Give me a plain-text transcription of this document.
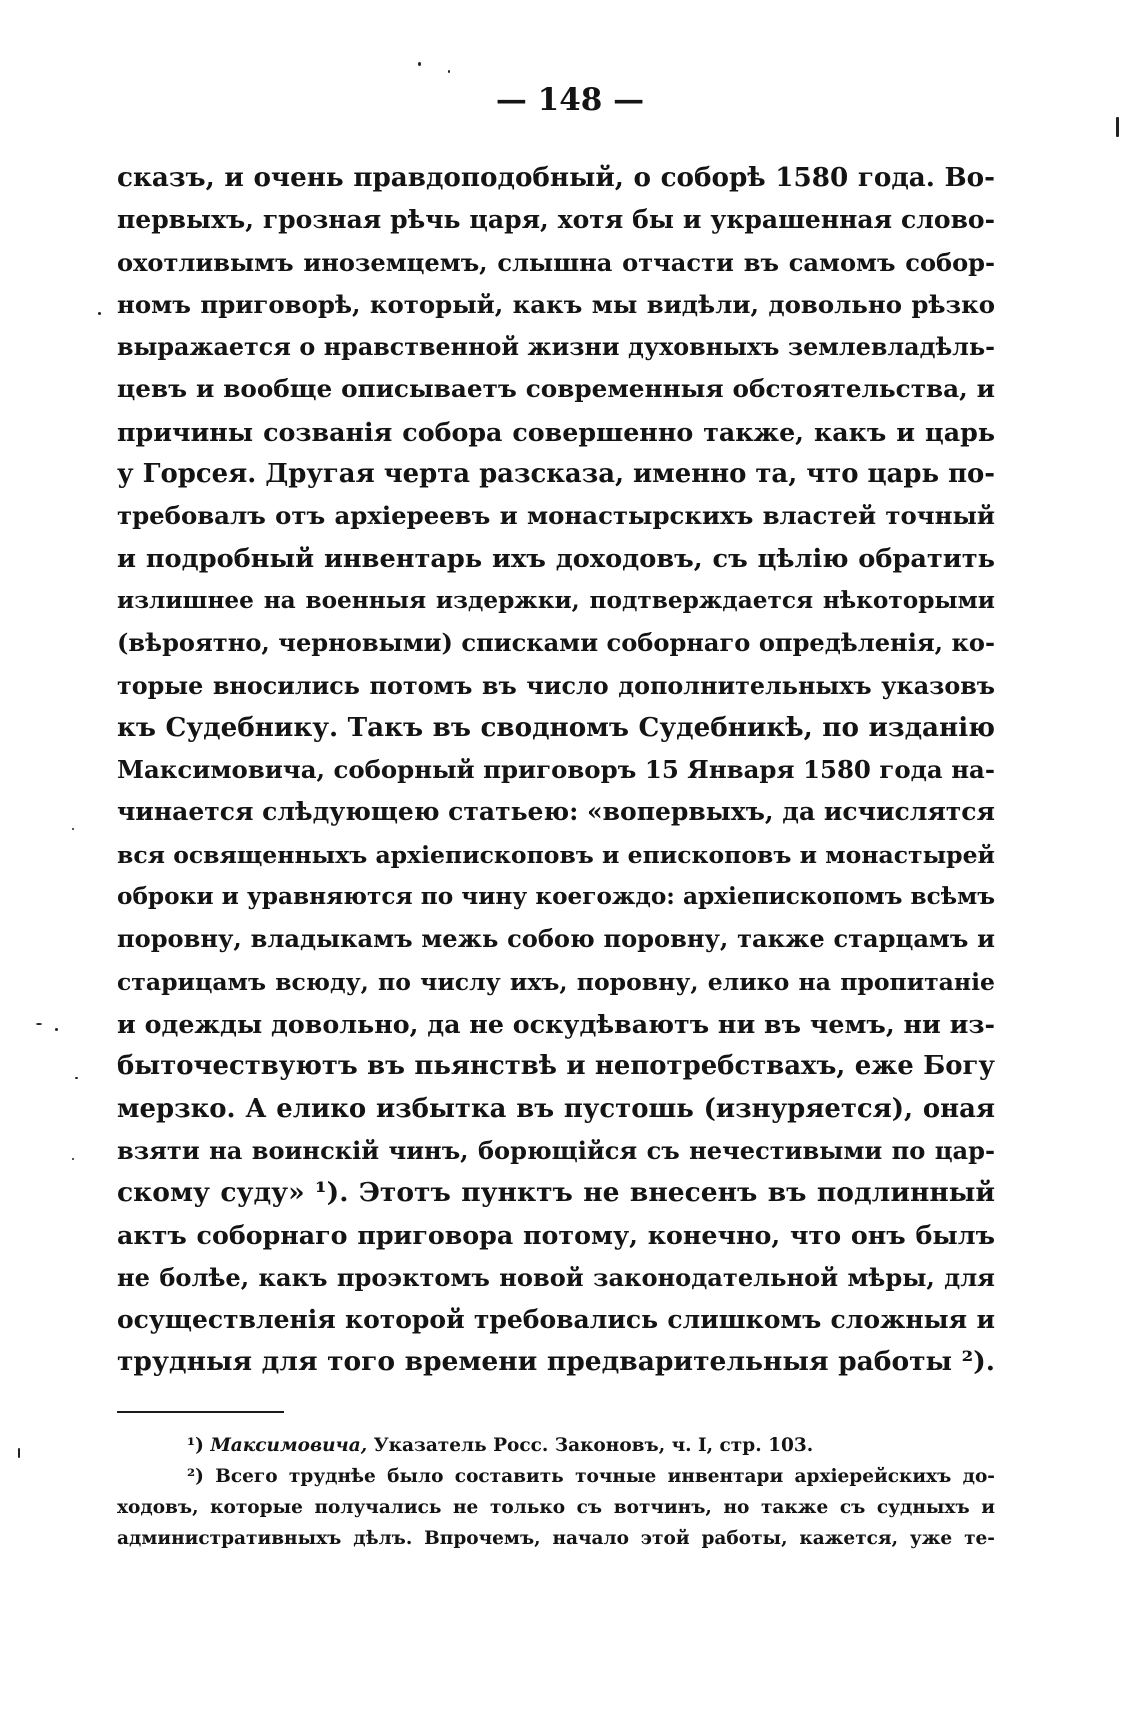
— 148 —
сказъ, и очень правдоподобный, о соборѣ 1580 года. Во-
первыхъ, грозная рѣчь царя, хотя бы и украшенная слово-
охотливымъ иноземцемъ, слышна отчасти въ самомъ собор-
номъ приговорѣ, который, какъ мы видѣли, довольно рѣзко
выражается о нравственной жизни духовныхъ землевладѣль-
цевъ и вообще описываетъ современныя обстоятельства, и
причины созванія собора совершенно также, какъ и царь
у Горсея. Другая черта разсказа, именно та, что царь по-
требовалъ отъ архіереевъ и монастырскихъ властей точный
и подробный инвентарь ихъ доходовъ, съ цѣлію обратить
излишнее на военныя издержки, подтверждается нѣкоторыми
(вѣроятно, черновыми) списками соборнаго опредѣленія, ко-
торые вносились потомъ въ число дополнительныхъ указовъ
къ Судебнику. Такъ въ сводномъ Судебникѣ, по изданію
Максимовича, соборный приговоръ 15 Января 1580 года на-
чинается слѣдующею статьею: «вопервыхъ, да исчислятся
вся освященныхъ архіепископовъ и епископовъ и монастырей
оброки и уравняются по чину коегождо: архіепископомъ всѣмъ
поровну, владыкамъ межь собою поровну, также старцамъ и
старицамъ всюду, по числу ихъ, поровну, елико на пропитаніе
и одежды довольно, да не оскудѣваютъ ни въ чемъ, ни из-
быточествуютъ въ пьянствѣ и непотребствахъ, еже Богу
мерзко. А елико избытка въ пустошь (изнуряется), оная
взяти на воинскій чинъ, борющійся съ нечестивыми по цар-
скому суду» ¹). Этотъ пунктъ не внесенъ въ подлинный
актъ соборнаго приговора потому, конечно, что онъ былъ
не болѣе, какъ проэктомъ новой законодательной мѣры, для
осуществленія которой требовались слишкомъ сложныя и
трудныя для того времени предварительныя работы ²).
¹) Максимовича, Указатель Росс. Законовъ, ч. I, стр. 103.
²) Всего труднѣе было составить точные инвентари архіерейскихъ до-
ходовъ, которые получались не только съ вотчинъ, но также съ судныхъ и
административныхъ дѣлъ. Впрочемъ, начало этой работы, кажется, уже те-
